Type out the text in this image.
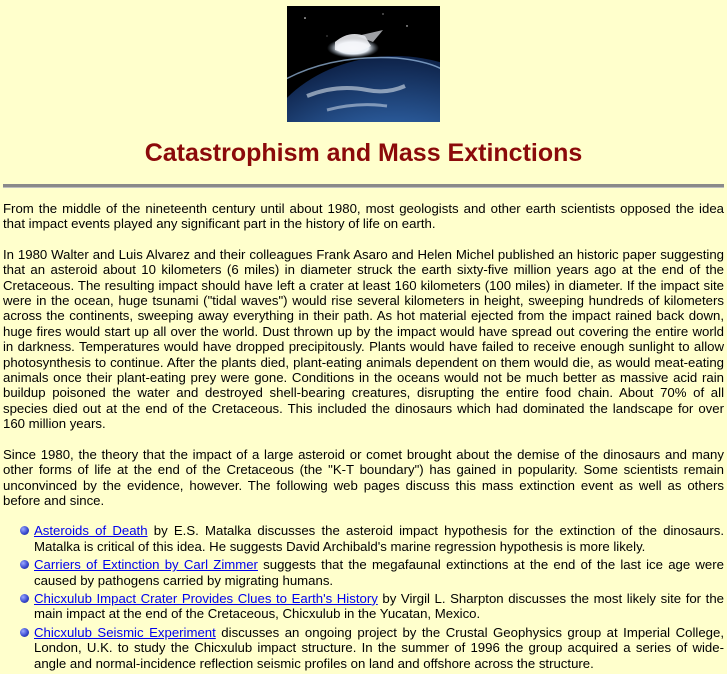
Catastrophism and Mass Extinctions

From the middle of the nineteenth century until about 1980, most geologists and other earth scientists opposed the idea that impact events played any significant part in the history of life on earth.

In 1980 Walter and Luis Alvarez and their colleagues Frank Asaro and Helen Michel published an historic paper suggesting that an asteroid about 10 kilometers (6 miles) in diameter struck the earth sixty-five million years ago at the end of the Cretaceous. The resulting impact should have left a crater at least 160 kilometers (100 miles) in diameter. If the impact site were in the ocean, huge tsunami ("tidal waves") would rise several kilometers in height, sweeping hundreds of kilometers across the continents, sweeping away everything in their path. As hot material ejected from the impact rained back down, huge fires would start up all over the world. Dust thrown up by the impact would have spread out covering the entire world in darkness. Temperatures would have dropped precipitously. Plants would have failed to receive enough sunlight to allow photosynthesis to continue. After the plants died, plant-eating animals dependent on them would die, as would meat-eating animals once their plant-eating prey were gone. Conditions in the oceans would not be much better as massive acid rain buildup poisoned the water and destroyed shell-bearing creatures, disrupting the entire food chain. About 70% of all species died out at the end of the Cretaceous. This included the dinosaurs which had dominated the landscape for over 160 million years.

Since 1980, the theory that the impact of a large asteroid or comet brought about the demise of the dinosaurs and many other forms of life at the end of the Cretaceous (the "K-T boundary") has gained in popularity. Some scientists remain unconvinced by the evidence, however. The following web pages discuss this mass extinction event as well as others before and since.

Asteroids of Death by E.S. Matalka discusses the asteroid impact hypothesis for the extinction of the dinosaurs. Matalka is critical of this idea. He suggests David Archibald's marine regression hypothesis is more likely.
Carriers of Extinction by Carl Zimmer suggests that the megafaunal extinctions at the end of the last ice age were caused by pathogens carried by migrating humans.
Chicxulub Impact Crater Provides Clues to Earth's History by Virgil L. Sharpton discusses the most likely site for the main impact at the end of the Cretaceous, Chicxulub in the Yucatan, Mexico.
Chicxulub Seismic Experiment discusses an ongoing project by the Crustal Geophysics group at Imperial College, London, U.K. to study the Chicxulub impact structure. In the summer of 1996 the group acquired a series of wide-angle and normal-incidence reflection seismic profiles on land and offshore across the structure.
